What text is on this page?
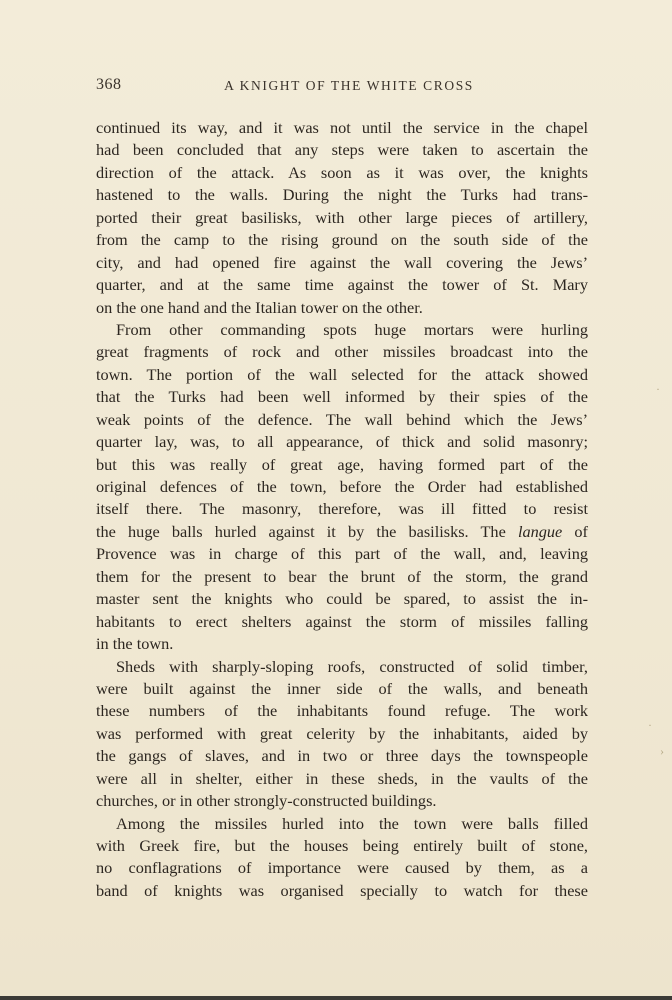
368	A KNIGHT OF THE WHITE CROSS
continued its way, and it was not until the service in the chapel
had been concluded that any steps were taken to ascertain the
direction of the attack. As soon as it was over, the knights
hastened to the walls. During the night the Turks had trans-
ported their great basilisks, with other large pieces of artillery,
from the camp to the rising ground on the south side of the
city, and had opened fire against the wall covering the Jews’
quarter, and at the same time against the tower of St. Mary
on the one hand and the Italian tower on the other.
From other commanding spots huge mortars were hurling
great fragments of rock and other missiles broadcast into the
town. The portion of the wall selected for the attack showed
that the Turks had been well informed by their spies of the
weak points of the defence. The wall behind which the Jews’
quarter lay, was, to all appearance, of thick and solid masonry;
but this was really of great age, having formed part of the
original defences of the town, before the Order had established
itself there. The masonry, therefore, was ill fitted to resist
the huge balls hurled against it by the basilisks. The langue of
Provence was in charge of this part of the wall, and, leaving
them for the present to bear the brunt of the storm, the grand
master sent the knights who could be spared, to assist the in-
habitants to erect shelters against the storm of missiles falling
in the town.
Sheds with sharply-sloping roofs, constructed of solid timber,
were built against the inner side of the walls, and beneath
these numbers of the inhabitants found refuge. The work
was performed with great celerity by the inhabitants, aided by
the gangs of slaves, and in two or three days the townspeople
were all in shelter, either in these sheds, in the vaults of the
churches, or in other strongly-constructed buildings.
Among the missiles hurled into the town were balls filled
with Greek fire, but the houses being entirely built of stone,
no conflagrations of importance were caused by them, as a
band of knights was organised specially to watch for these
·
›
·
